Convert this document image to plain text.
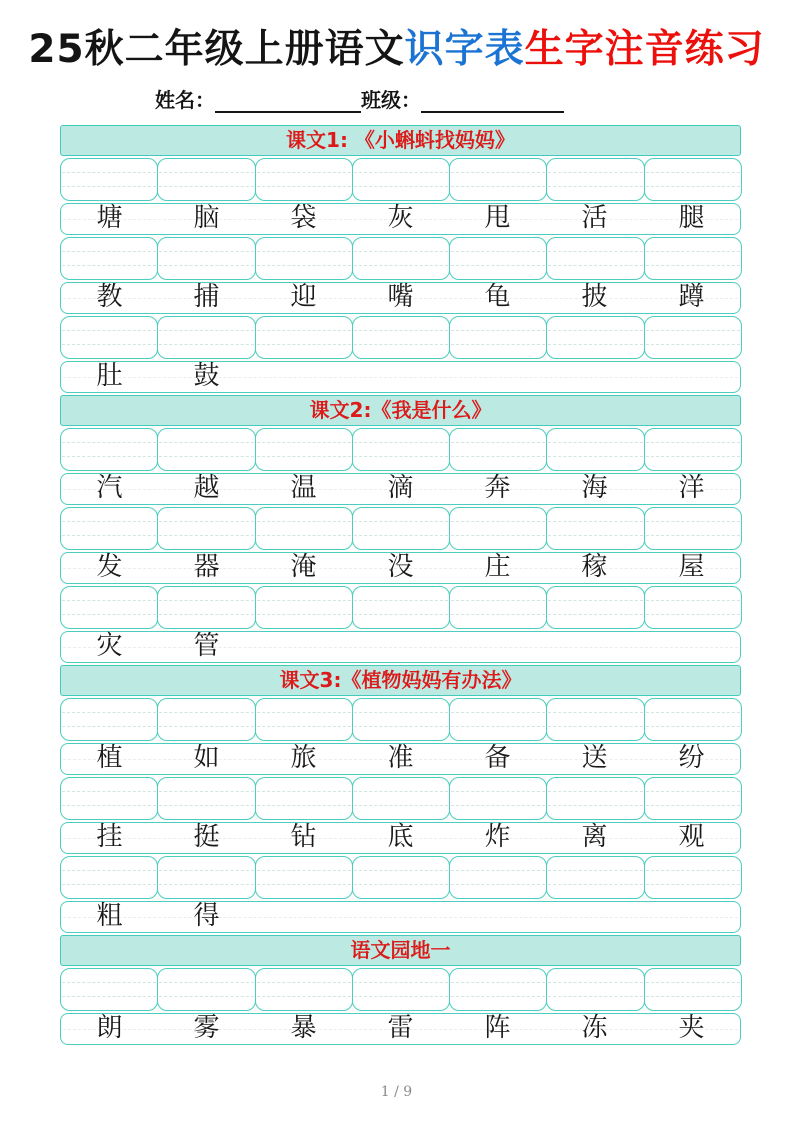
25秋二年级上册语文识字表生字注音练习
姓名：	班级：
课文1: 《小蝌蚪找妈妈》
塘	脑	袋	灰	甩	活	腿
教	捕	迎	嘴	龟	披	蹲
肚	鼓
课文2:《我是什么》
汽	越	温	滴	奔	海	洋
发	器	淹	没	庄	稼	屋
灾	管
课文3:《植物妈妈有办法》
植	如	旅	准	备	送	纷
挂	挺	钻	底	炸	离	观
粗	得
语文园地一
朗	雾	暴	雷	阵	冻	夹
1 / 9
